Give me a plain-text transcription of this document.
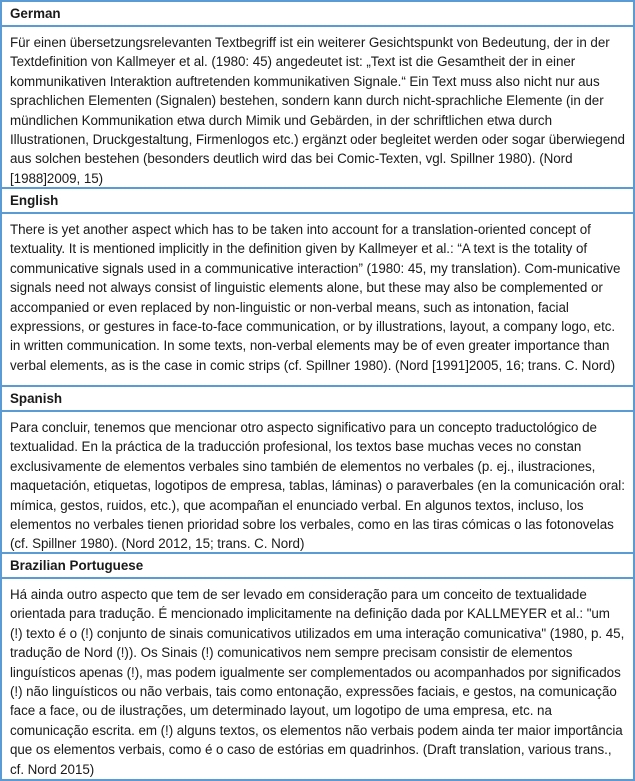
German
Für einen übersetzungsrelevanten Textbegriff ist ein weiterer Gesichtspunkt von Bedeutung, der in der Textdefinition von Kallmeyer et al. (1980: 45) angedeutet ist: „Text ist die Gesamtheit der in einer kommunikativen Interaktion auftretenden kommunikativen Signale.“ Ein Text muss also nicht nur aus sprachlichen Elementen (Signalen) bestehen, sondern kann durch nicht-sprachliche Elemente (in der mündlichen Kommunikation etwa durch Mimik und Gebärden, in der schriftlichen etwa durch Illustrationen, Druckgestaltung, Firmenlogos etc.) ergänzt oder begleitet werden oder sogar überwiegend aus solchen bestehen (besonders deutlich wird das bei Comic-Texten, vgl. Spillner 1980). (Nord [1988]2009, 15)
English
There is yet another aspect which has to be taken into account for a translation-oriented concept of textuality. It is mentioned implicitly in the definition given by Kallmeyer et al.: “A text is the totality of communicative signals used in a communicative interaction” (1980: 45, my translation). Com-municative signals need not always consist of linguistic elements alone, but these may also be complemented or accompanied or even replaced by non-linguistic or non-verbal means, such as intonation, facial expressions, or gestures in face-to-face communication, or by illustrations, layout, a company logo, etc. in written communication. In some texts, non-verbal elements may be of even greater importance than verbal elements, as is the case in comic strips (cf. Spillner 1980). (Nord [1991]2005, 16; trans. C. Nord)
Spanish
Para concluir, tenemos que mencionar otro aspecto significativo para un concepto traductológico de textualidad. En la práctica de la traducción profesional, los textos base muchas veces no constan exclusivamente de elementos verbales sino también de elementos no verbales (p. ej., ilustraciones, maquetación, etiquetas, logotipos de empresa, tablas, láminas) o paraverbales (en la comunicación oral: mímica, gestos, ruidos, etc.), que acompañan el enunciado verbal. En algunos textos, incluso, los elementos no verbales tienen prioridad sobre los verbales, como en las tiras cómicas o las fotonovelas (cf. Spillner 1980). (Nord 2012, 15; trans. C. Nord)
Brazilian Portuguese
Há ainda outro aspecto que tem de ser levado em consideração para um conceito de textualidade orientada para tradução. É mencionado implicitamente na definição dada por KALLMEYER et al.: "um (!) texto é o (!) conjunto de sinais comunicativos utilizados em uma interação comunicativa" (1980, p. 45, tradução de Nord (!)). Os Sinais (!) comunicativos nem sempre precisam consistir de elementos linguísticos apenas (!), mas podem igualmente ser complementados ou acompanhados por significados (!) não linguísticos ou não verbais, tais como entonação, expressões faciais, e gestos, na comunicação face a face, ou de ilustrações, um determinado layout, um logotipo de uma empresa, etc. na comunicação escrita. em (!) alguns textos, os elementos não verbais podem ainda ter maior importância que os elementos verbais, como é o caso de estórias em quadrinhos. (Draft translation, various trans., cf. Nord 2015)
